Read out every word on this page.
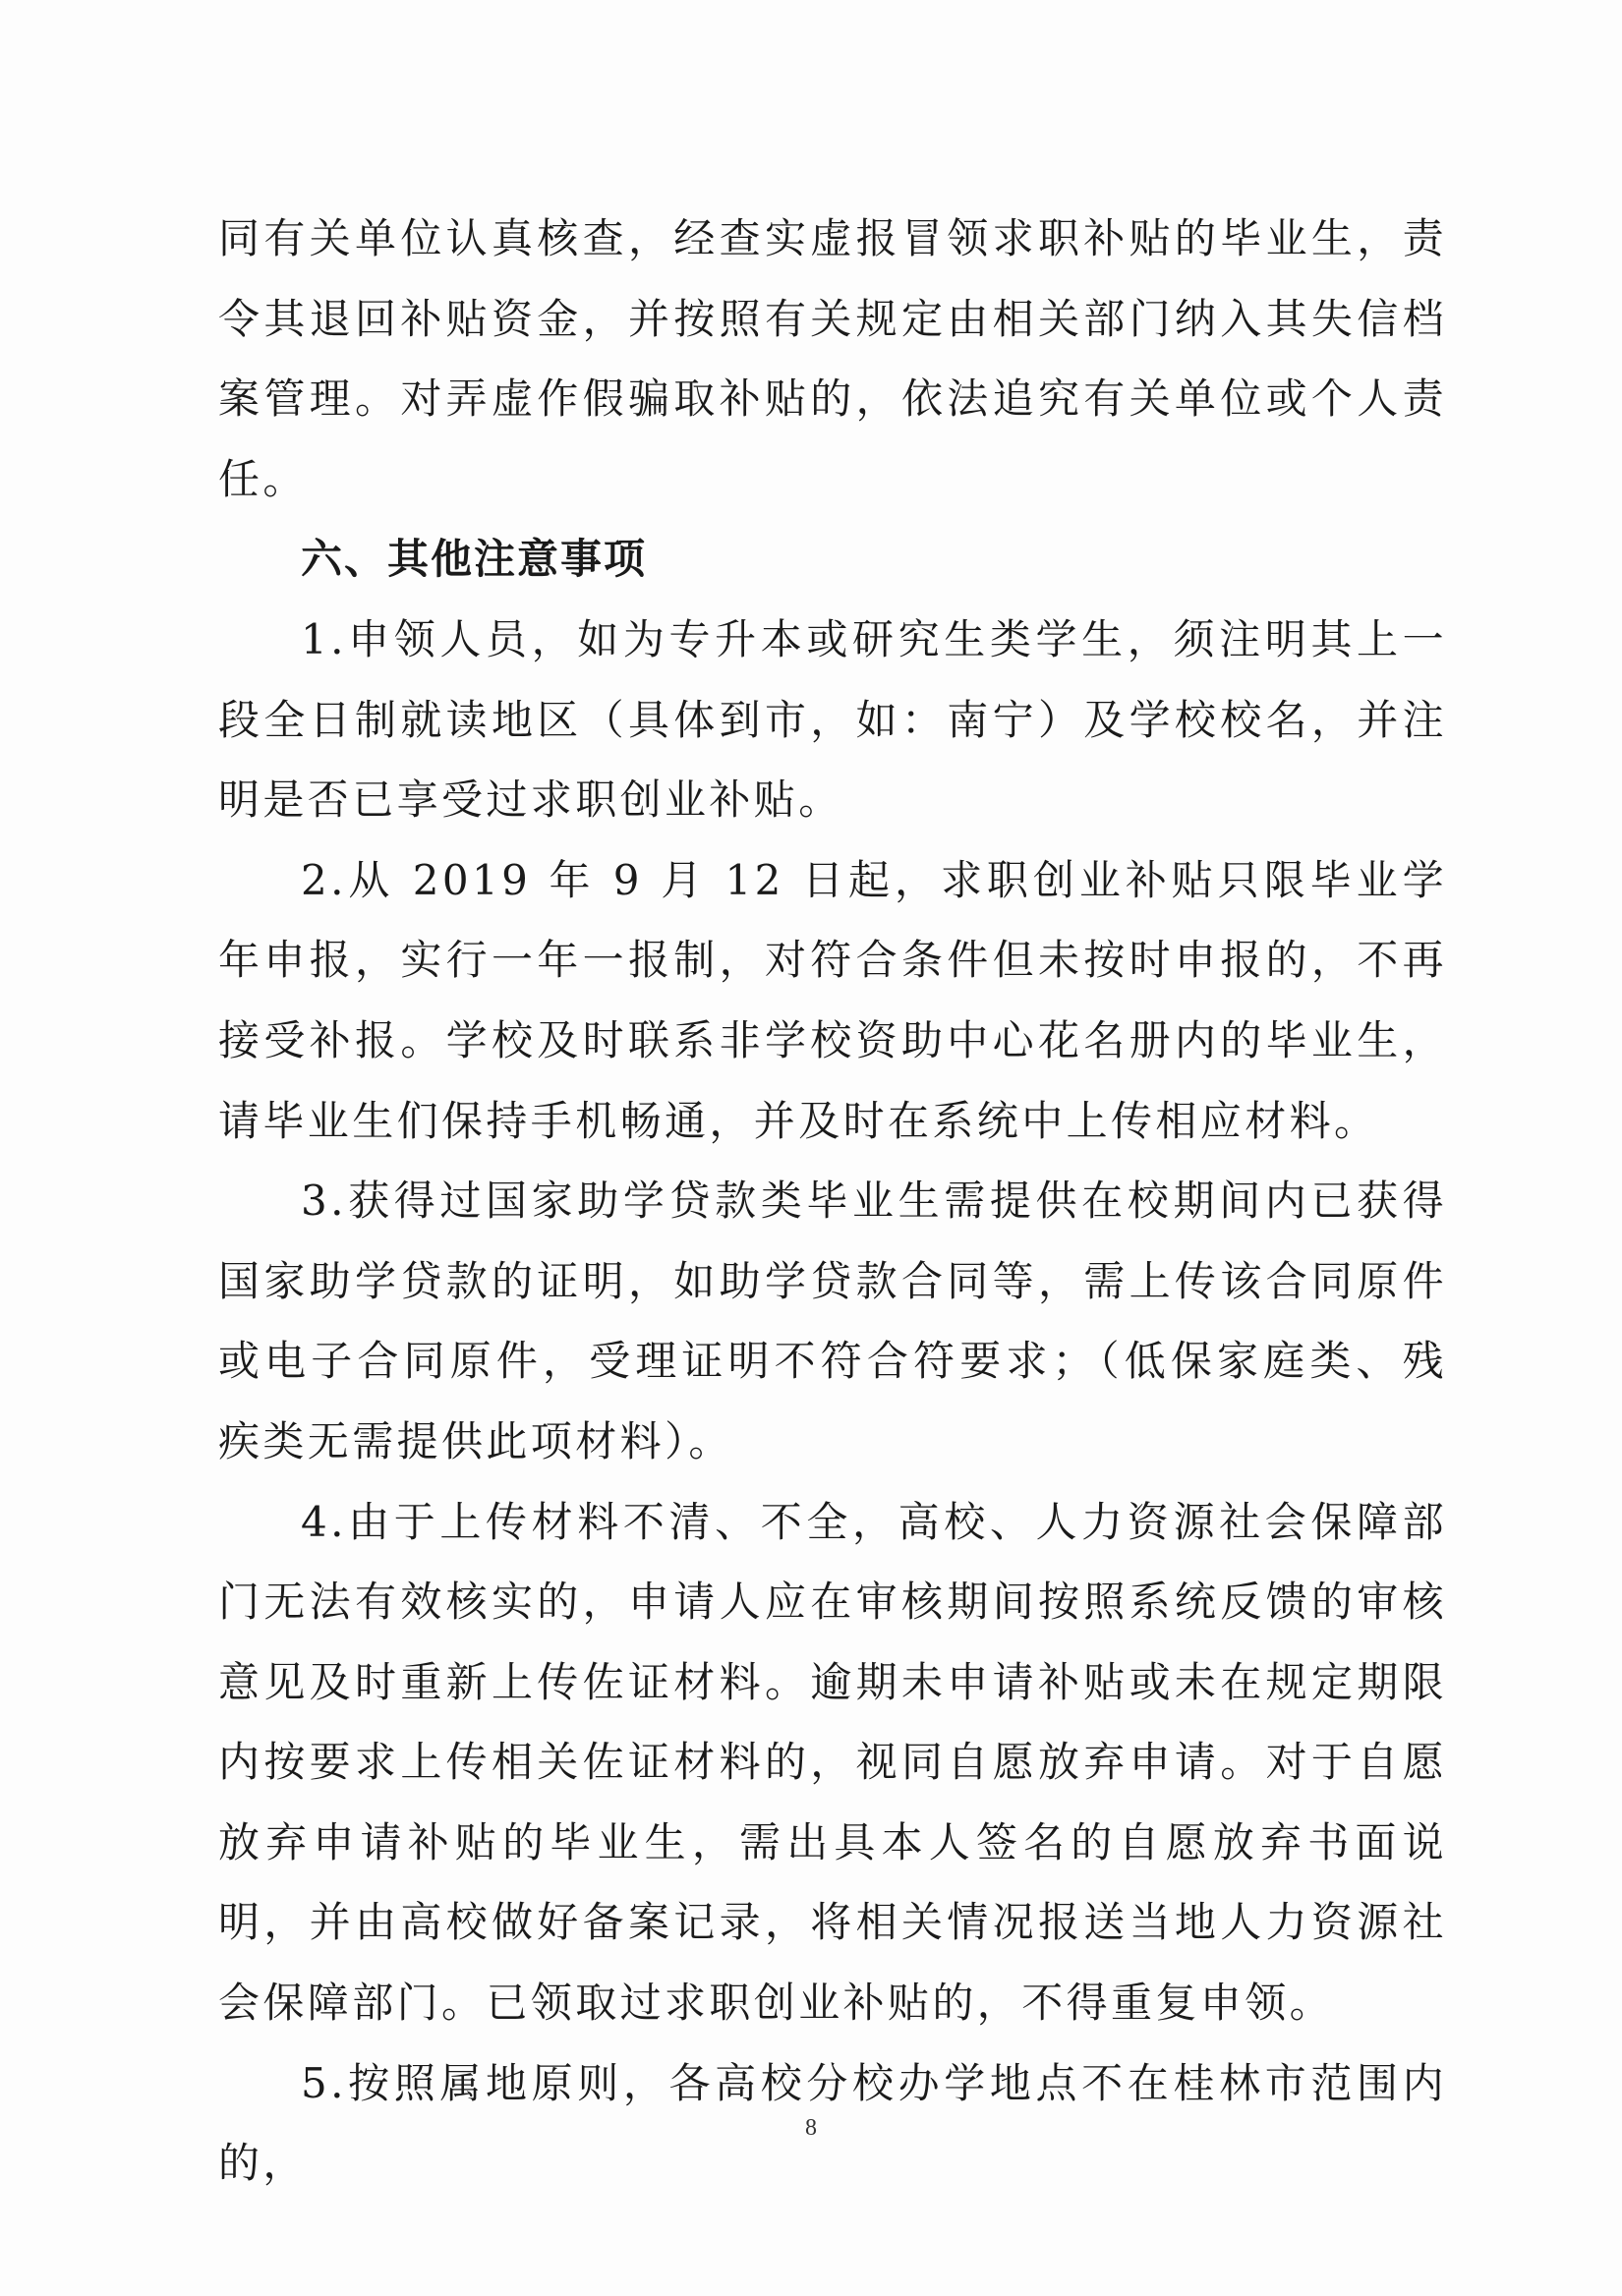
同有关单位认真核查，经查实虚报冒领求职补贴的毕业生，责令其退回补贴资金，并按照有关规定由相关部门纳入其失信档案管理。对弄虚作假骗取补贴的，依法追究有关单位或个人责任。

六、其他注意事项

1.申领人员，如为专升本或研究生类学生，须注明其上一段全日制就读地区（具体到市，如：南宁）及学校校名，并注明是否已享受过求职创业补贴。

2.从 2019 年 9 月 12 日起，求职创业补贴只限毕业学年申报，实行一年一报制，对符合条件但未按时申报的，不再接受补报。学校及时联系非学校资助中心花名册内的毕业生，请毕业生们保持手机畅通，并及时在系统中上传相应材料。

3.获得过国家助学贷款类毕业生需提供在校期间内已获得国家助学贷款的证明，如助学贷款合同等，需上传该合同原件或电子合同原件，受理证明不符合符要求；（低保家庭类、残疾类无需提供此项材料）。

4.由于上传材料不清、不全，高校、人力资源社会保障部门无法有效核实的，申请人应在审核期间按照系统反馈的审核意见及时重新上传佐证材料。逾期未申请补贴或未在规定期限内按要求上传相关佐证材料的，视同自愿放弃申请。对于自愿放弃申请补贴的毕业生，需出具本人签名的自愿放弃书面说明，并由高校做好备案记录，将相关情况报送当地人力资源社会保障部门。已领取过求职创业补贴的，不得重复申领。

5.按照属地原则，各高校分校办学地点不在桂林市范围内的，

8
